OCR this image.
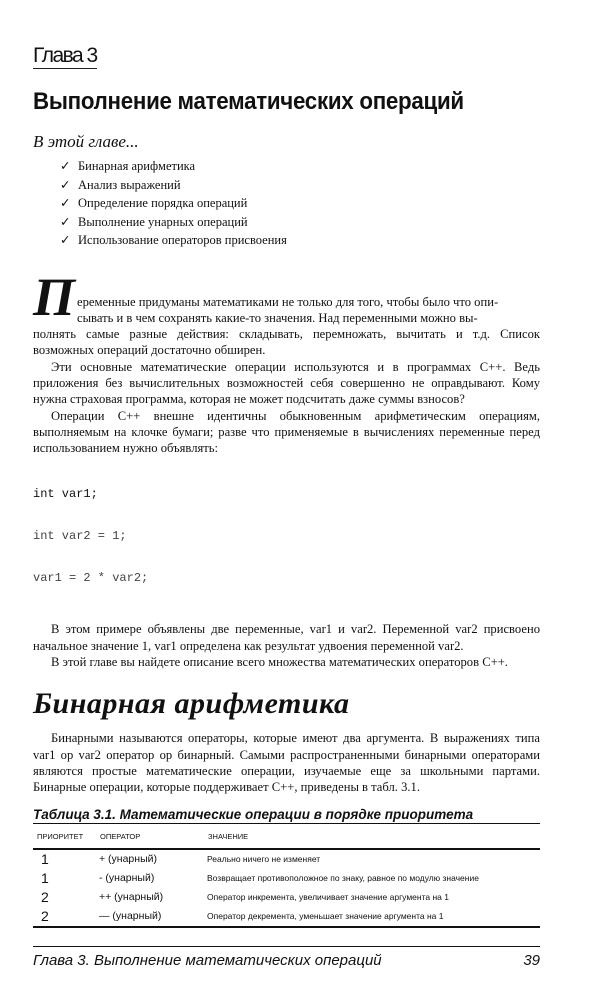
Глава 3
Выполнение математических операций
В этой главе...
✓ Бинарная арифметика
✓ Анализ выражений
✓ Определение порядка операций
✓ Выполнение унарных операций
✓ Использование операторов присвоения
П еременные придуманы математиками не только для того, чтобы было что опи-

сывать и в чем сохранять какие-то значения. Над переменными можно вы-

полнять самые разные действия: складывать, перемножать, вычитать и т.д. Список возможных операций достаточно обширен.

Эти основные математические операции используются и в программах С++. Ведь приложения без вычислительных возможностей себя совершенно не оправдывают. Кому нужна страховая программа, которая не может подсчитать даже суммы взносов?

Операции С++ внешне идентичны обыкновенным арифметическим операциям, выполняемым на клочке бумаги; разве что применяемые в вычислениях переменные перед использованием нужно объявлять:

int var1;

int var2 = 1;

var1 = 2 * var2;

В этом примере объявлены две переменные, var1 и var2. Переменной var2 присвоено начальное значение 1, var1 определена как результат удвоения переменной var2.

В этой главе вы найдете описание всего множества математических операторов С++.

Бинарная арифметика

Бинарными называются операторы, которые имеют два аргумента. В выражениях типа var1 op var2 оператор op бинарный. Самыми распространенными бинарными операторами являются простые математические операции, изучаемые еще за школьными партами. Бинарные операции, которые поддерживает С++, приведены в табл. 3.1.

Таблица 3.1. Математические операции в порядке приоритета
ПРИОРИТЕТ	ОПЕРАТОР	ЗНАЧЕНИЕ
1	+ (унарный)	Реально ничего не изменяет
1	- (унарный)	Возвращает противоположное по знаку, равное по модулю значение
2	++ (унарный)	Оператор инкремента, увеличивает значение аргумента на 1
2	— (унарный)	Оператор декремента, уменьшает значение аргумента на 1
Глава 3. Выполнение математических операций	39
